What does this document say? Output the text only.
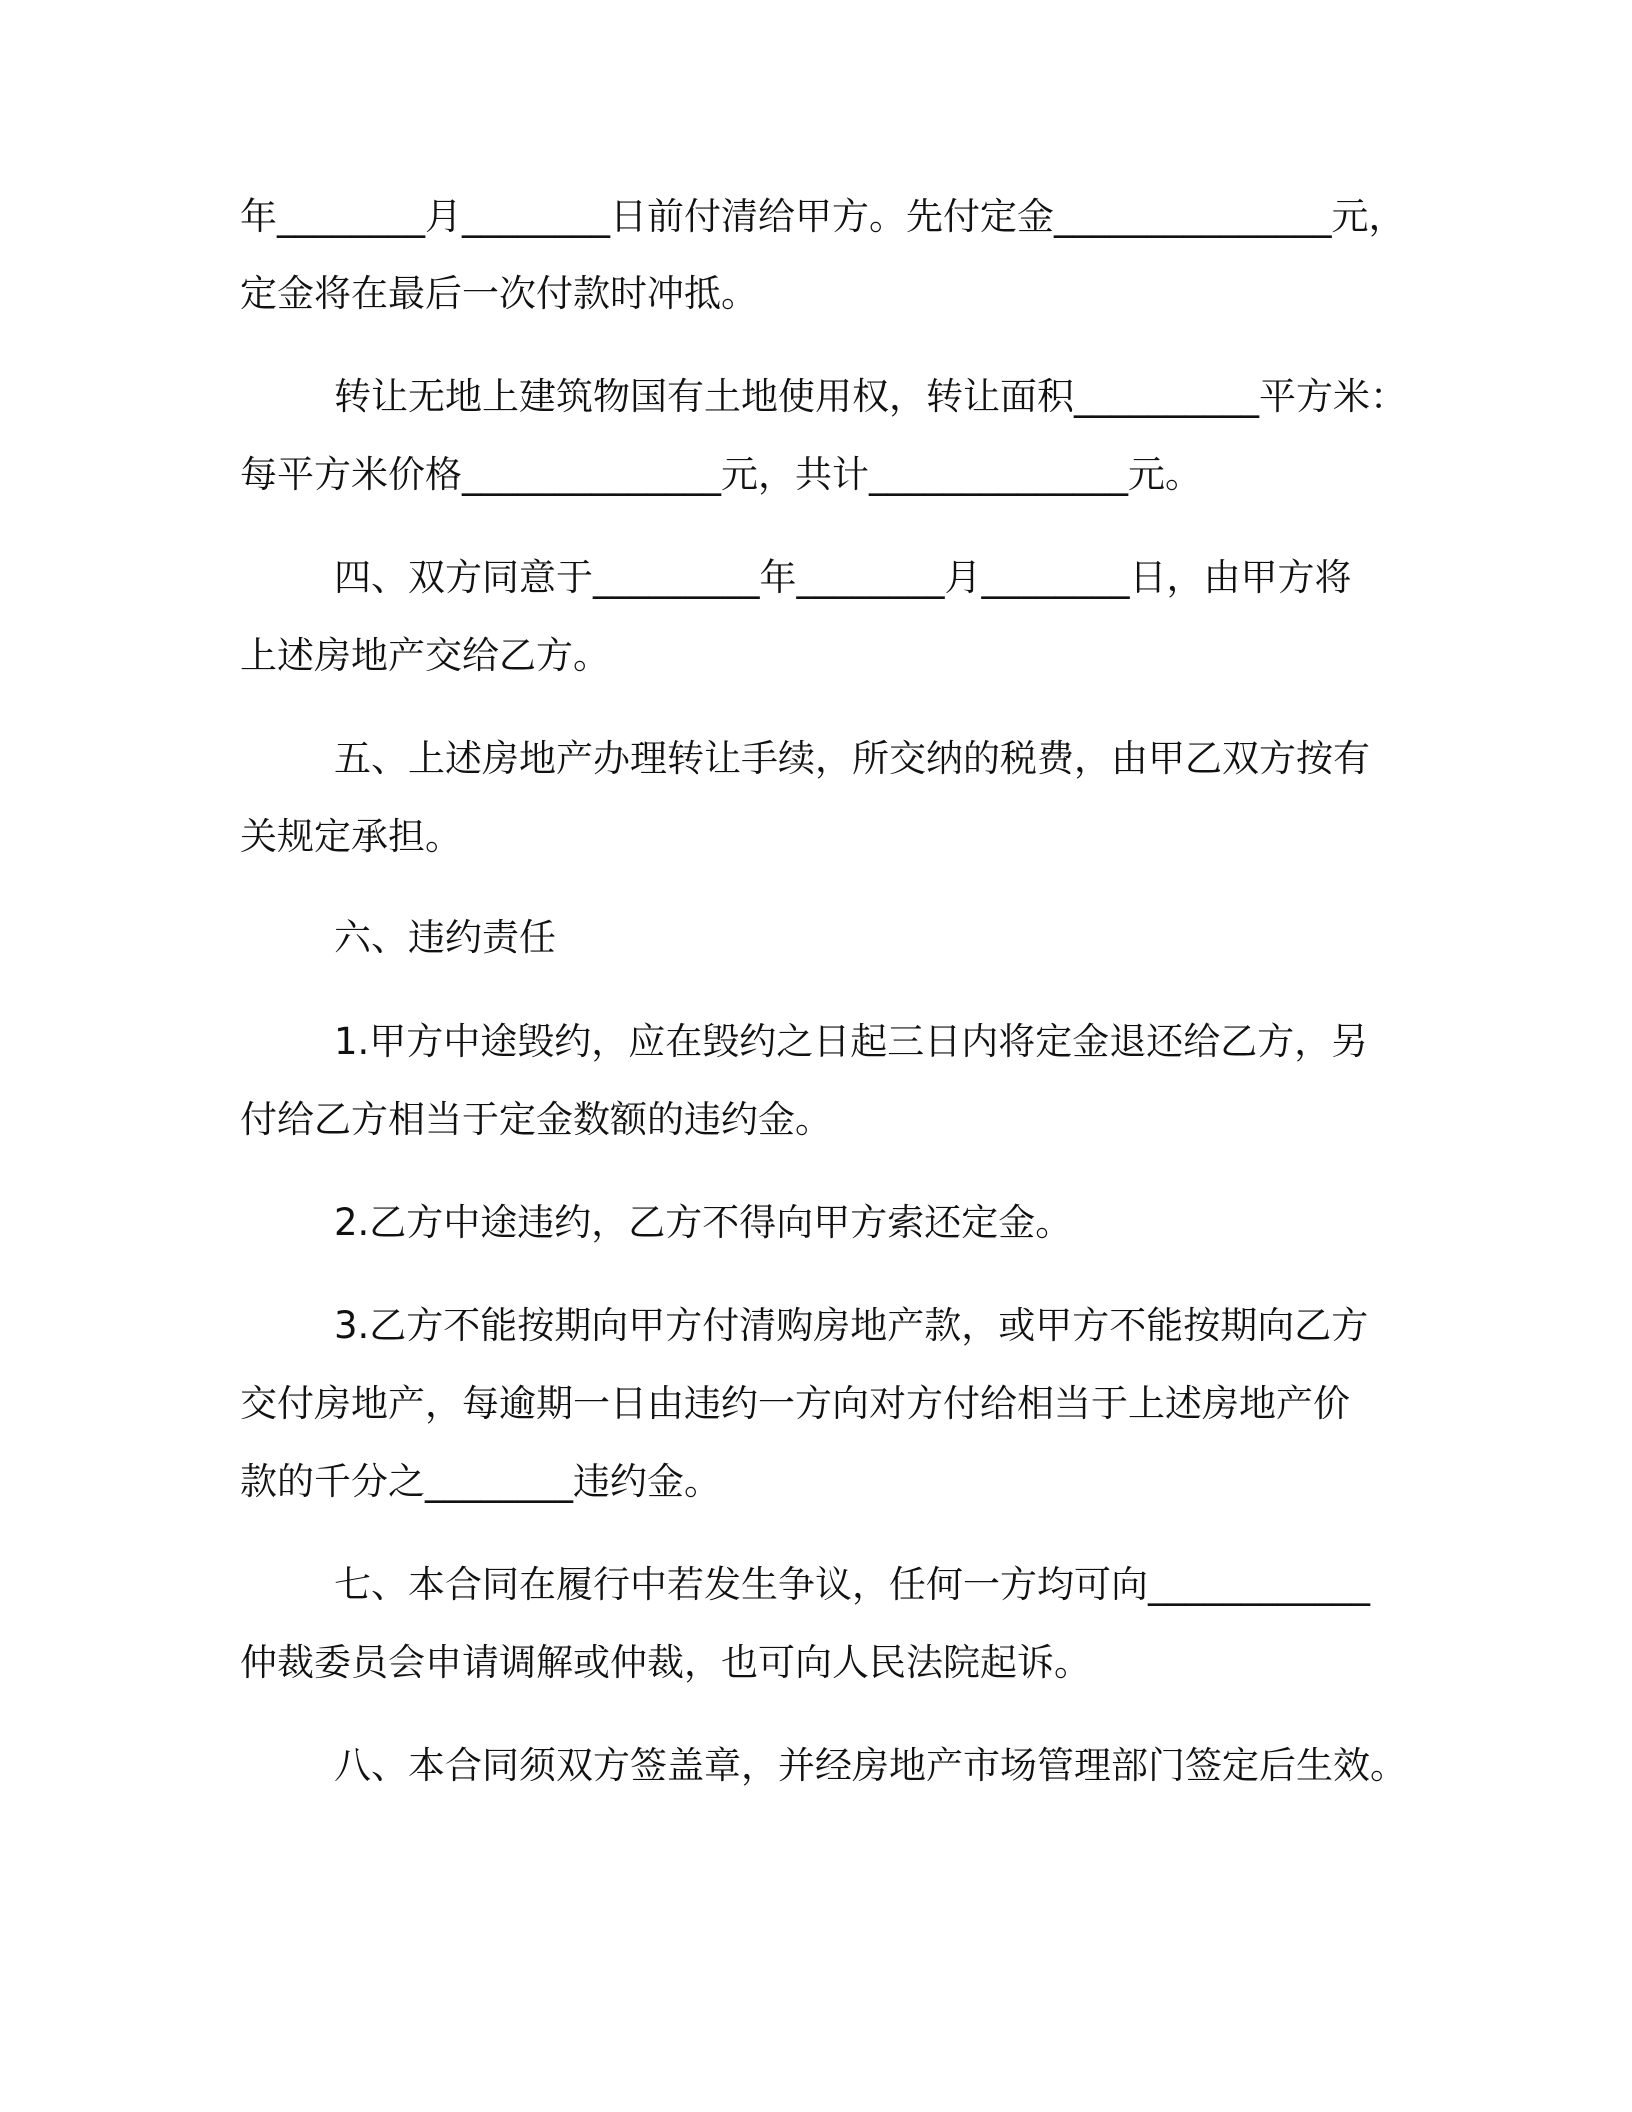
年________月________日前付清给甲方。先付定金_______________元，
定金将在最后一次付款时冲抵。
转让无地上建筑物国有土地使用权，转让面积__________平方米：
每平方米价格______________元，共计______________元。
四、双方同意于_________年________月________日，由甲方将
上述房地产交给乙方。
五、上述房地产办理转让手续，所交纳的税费，由甲乙双方按有
关规定承担。
六、违约责任
1.甲方中途毁约，应在毁约之日起三日内将定金退还给乙方，另
付给乙方相当于定金数额的违约金。
2.乙方中途违约，乙方不得向甲方索还定金。
3.乙方不能按期向甲方付清购房地产款，或甲方不能按期向乙方
交付房地产，每逾期一日由违约一方向对方付给相当于上述房地产价
款的千分之________违约金。
七、本合同在履行中若发生争议，任何一方均可向____________
仲裁委员会申请调解或仲裁，也可向人民法院起诉。
八、本合同须双方签盖章，并经房地产市场管理部门签定后生效。
